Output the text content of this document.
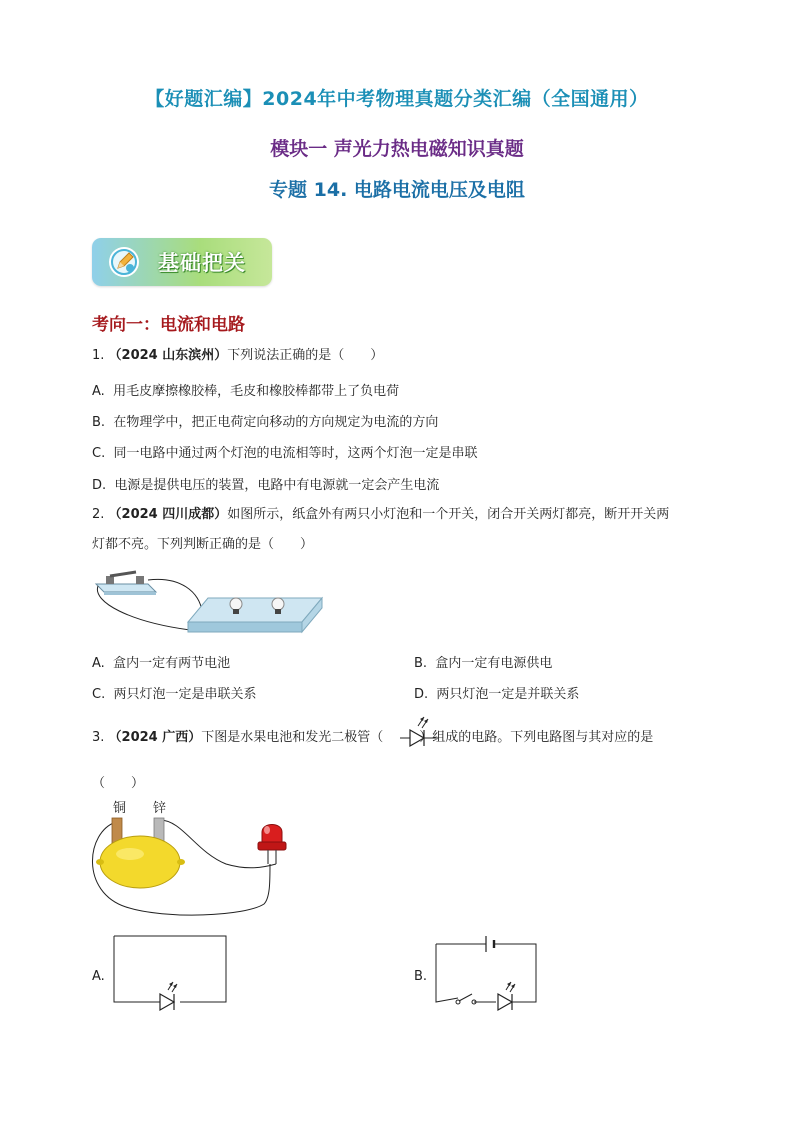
【好题汇编】2024年中考物理真题分类汇编（全国通用）
模块一 声光力热电磁知识真题
专题 14. 电路电流电压及电阻
基础把关
考向一：电流和电路
1. （2024 山东滨州）下列说法正确的是（　　）
A. 用毛皮摩擦橡胶棒，毛皮和橡胶棒都带上了负电荷
B. 在物理学中，把正电荷定向移动的方向规定为电流的方向
C. 同一电路中通过两个灯泡的电流相等时，这两个灯泡一定是串联
D. 电源是提供电压的装置，电路中有电源就一定会产生电流
2. （2024 四川成都）如图所示，纸盒外有两只小灯泡和一个开关，闭合开关两灯都亮，断开开关两
灯都不亮。下列判断正确的是（　　）
A. 盒内一定有两节电池	B. 盒内一定有电源供电
C. 两只灯泡一定是串联关系	D. 两只灯泡一定是并联关系
3. （2024 广西）下图是水果电池和发光二极管（	）组成的电路。下列电路图与其对应的是
（　　）
铜 锌
A.	B.
